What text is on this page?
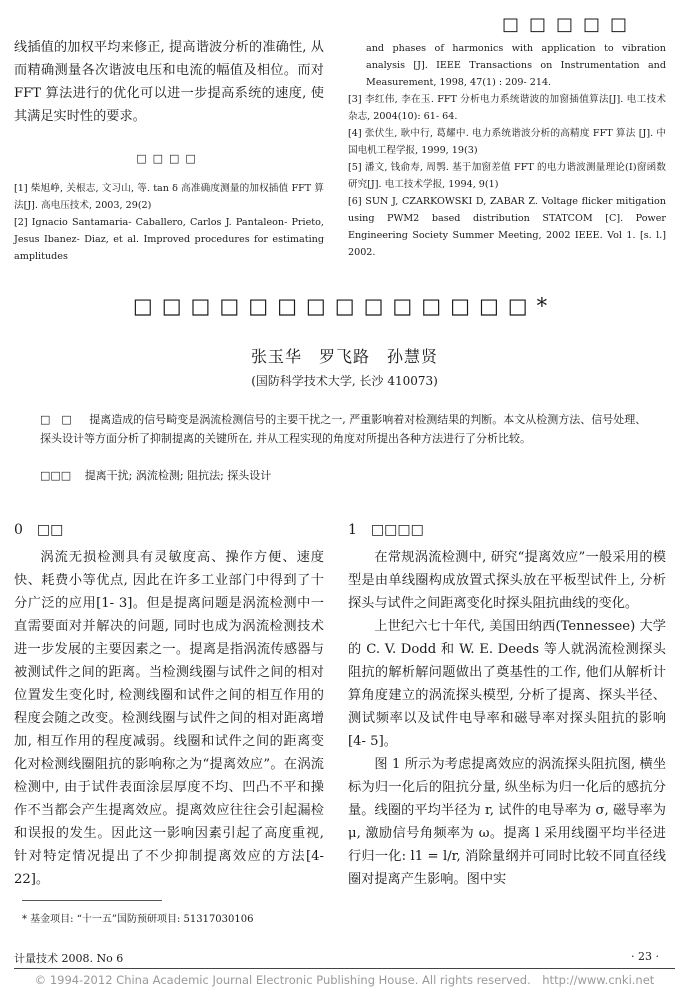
□□□□□

线插值的加权平均来修正, 提高谐波分析的准确性, 从而精确测量各次谐波电压和电流的幅值及相位。而对FFT 算法进行的优化可以进一步提高系统的速度, 使其满足实时性的要求。

□□□□

[1] 柴旭峥, 关根志, 文习山, 等. tan δ 高准确度测量的加权插值 FFT 算法[J]. 高电压技术, 2003, 29(2)

[2] Ignacio Santamaria- Caballero, Carlos J. Pantaleon- Prieto, Jesus Ibanez- Diaz, et al. Improved procedures for estimating amplitudes

and phases of harmonics with application to vibration analysis [J]. IEEE Transactions on Instrumentation and Measurement, 1998, 47(1) : 209- 214.

[3] 李红伟, 李在玉. FFT 分析电力系统谐波的加窗插值算法[J]. 电工技术杂志, 2004(10): 61- 64.

[4] 张伏生, 耿中行, 葛耀中. 电力系统谐波分析的高精度 FFT 算法 [J]. 中国电机工程学报, 1999, 19(3)

[5] 潘文, 钱俞寿, 周鹗. 基于加窗差值 FFT 的电力谐波测量理论(Ⅰ)窗函数研究[J]. 电工技术学报, 1994, 9(1)

[6] SUN J, CZARKOWSKI D, ZABAR Z. Voltage flicker mitigation using PWM2 based distribution STATCOM [C]. Power Engineering Society Summer Meeting, 2002 IEEE. Vol 1. [s. l.] 2002.

□□□□□□□□□□□□□□*
张玉华　罗飞路　孙慧贤
(国防科学技术大学, 长沙 410073)
□　□ 提离造成的信号畸变是涡流检测信号的主要干扰之一, 严重影响着对检测结果的判断。本文从检测方法、信号处理、探头设计等方面分析了抑制提离的关键所在, 并从工程实现的角度对所提出各种方法进行了分析比较。
□□□ 提离干扰; 涡流检测; 阻抗法; 探头设计
0　□□

涡流无损检测具有灵敏度高、操作方便、速度快、耗费小等优点, 因此在许多工业部门中得到了十分广泛的应用[1- 3]。但是提离问题是涡流检测中一直需要面对并解决的问题, 同时也成为涡流检测技术进一步发展的主要因素之一。提离是指涡流传感器与被测试件之间的距离。当检测线圈与试件之间的相对位置发生变化时, 检测线圈和试件之间的相互作用的程度会随之改变。检测线圈与试件之间的相对距离增加, 相互作用的程度减弱。线圈和试件之间的距离变化对检测线圈阻抗的影响称之为“提离效应”。在涡流检测中, 由于试件表面涂层厚度不均、凹凸不平和操作不当都会产生提离效应。提离效应往往会引起漏检和误报的发生。因此这一影响因素引起了高度重视, 针对特定情况提出了不少抑制提离效应的方法[4- 22]。

1　□□□□

在常规涡流检测中, 研究“提离效应”一般采用的模型是由单线圈构成放置式探头放在平板型试件上, 分析探头与试件之间距离变化时探头阻抗曲线的变化。

上世纪六七十年代, 美国田纳西(Tennessee) 大学的 C. V. Dodd 和 W. E. Deeds 等人就涡流检测探头阻抗的解析解问题做出了奠基性的工作, 他们从解析计算角度建立的涡流探头模型, 分析了提离、探头半径、测试频率以及试件电导率和磁导率对探头阻抗的影响[4- 5]。

图 1 所示为考虑提离效应的涡流探头阻抗图, 横坐标为归一化后的阻抗分量, 纵坐标为归一化后的感抗分量。线圈的平均半径为 r, 试件的电导率为 σ, 磁导率为 μ, 激励信号角频率为 ω。提离 l 采用线圈平均半径进行归一化: l1 = l/r, 消除量纲并可同时比较不同直径线圈对提离产生影响。图中实

* 基金项目: “十一五”国防预研项目: 51317030106
计量技术 2008. No 6	· 23 ·
© 1994-2012 China Academic Journal Electronic Publishing House. All rights reserved.　http://www.cnki.net
